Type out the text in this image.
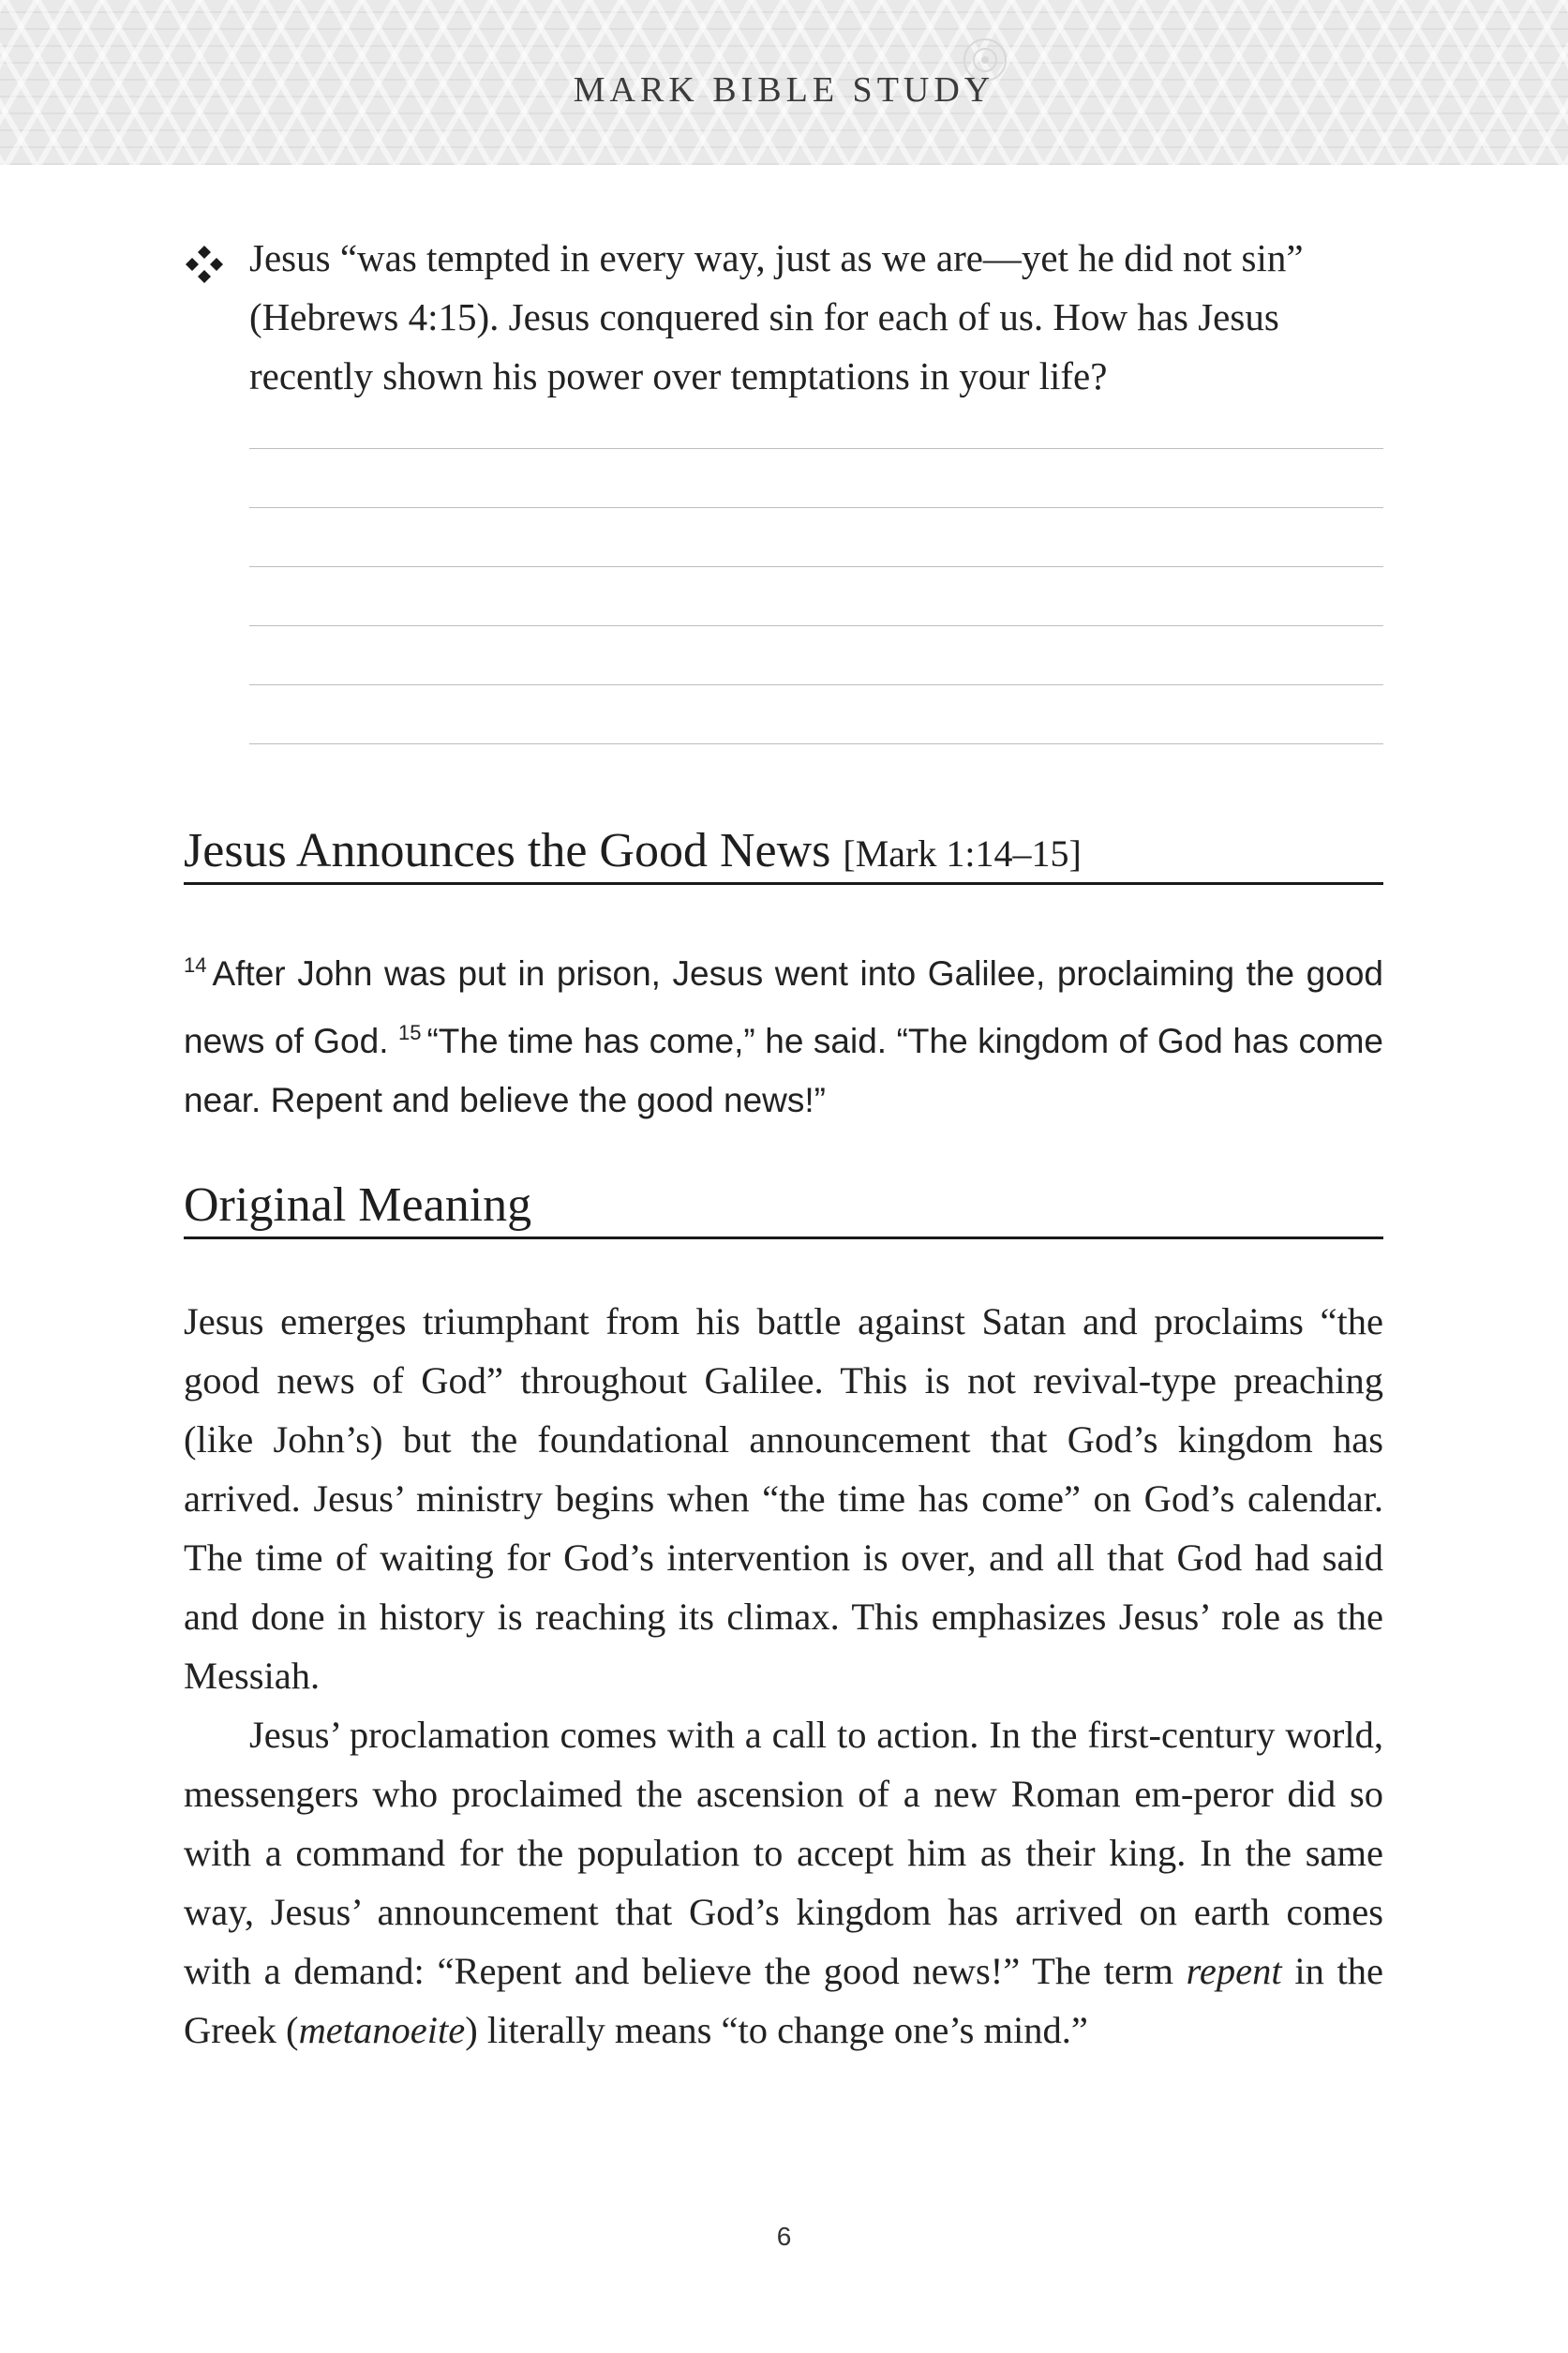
MARK BIBLE STUDY
Jesus “was tempted in every way, just as we are—yet he did not sin” (Hebrews 4:15). Jesus conquered sin for each of us. How has Jesus recently shown his power over temptations in your life?
Jesus Announces the Good News [Mark 1:14–15]
$^{14}$ After John was put in prison, Jesus went into Galilee, proclaiming the good news of God. $^{15}$ “The time has come,” he said. “The kingdom of God has come near. Repent and believe the good news!”
Original Meaning

Jesus emerges triumphant from his battle against Satan and proclaims “the good news of God” throughout Galilee. This is not revival-type preaching (like John’s) but the foundational announcement that God’s kingdom has arrived. Jesus’ ministry begins when “the time has come” on God’s calendar. The time of waiting for God’s intervention is over, and all that God had said and done in history is reaching its climax. This emphasizes Jesus’ role as the Messiah.

Jesus’ proclamation comes with a call to action. In the first-century world, messengers who proclaimed the ascension of a new Roman em-peror did so with a command for the population to accept him as their king. In the same way, Jesus’ announcement that God’s kingdom has arrived on earth comes with a demand: “Repent and believe the good news!” The term repent in the Greek (metanoeite) literally means “to change one’s mind.”

6
